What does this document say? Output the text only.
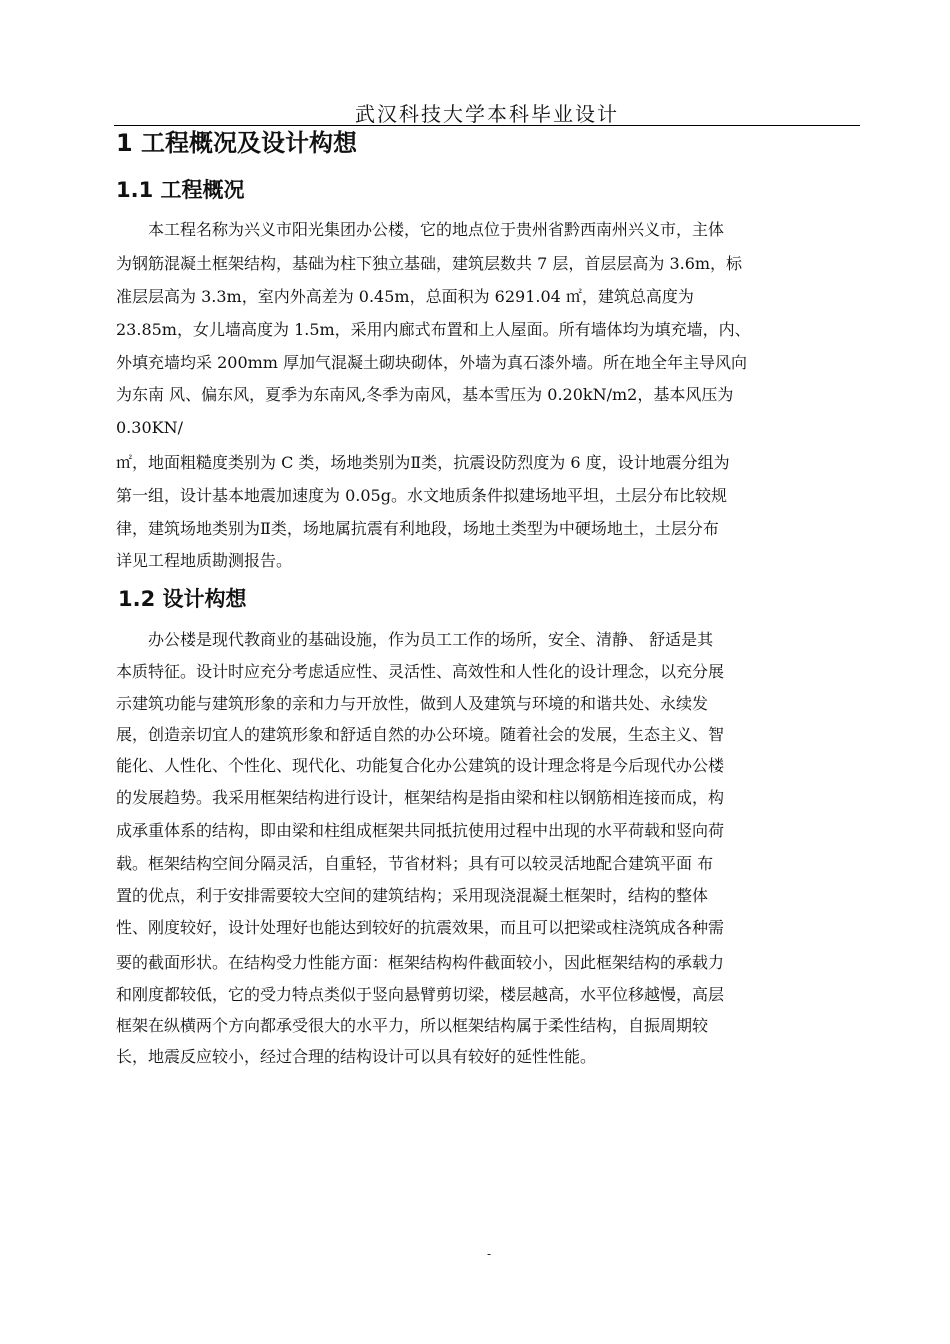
武汉科技大学本科毕业设计
1 工程概况及设计构想
1.1 工程概况
　　本工程名称为兴义市阳光集团办公楼，它的地点位于贵州省黔西南州兴义市，主体
为钢筋混凝土框架结构，基础为柱下独立基础，建筑层数共 7 层，首层层高为 3.6m，标
准层层高为 3.3m，室内外高差为 0.45m，总面积为 6291.04 ㎡，建筑总高度为
23.85m，女儿墙高度为 1.5m，采用内廊式布置和上人屋面。所有墙体均为填充墙，内、
外填充墙均采 200mm 厚加气混凝土砌块砌体，外墙为真石漆外墙。所在地全年主导风向
为东南 风、偏东风，夏季为东南风,冬季为南风，基本雪压为 0.20kN/m2，基本风压为
0.30KN/
㎡，地面粗糙度类别为 C 类，场地类别为Ⅱ类，抗震设防烈度为 6 度，设计地震分组为
第一组，设计基本地震加速度为 0.05g。水文地质条件拟建场地平坦，土层分布比较规
律，建筑场地类别为Ⅱ类，场地属抗震有利地段，场地土类型为中硬场地土，土层分布
详见工程地质勘测报告。
1.2 设计构想
　　办公楼是现代教商业的基础设施，作为员工工作的场所，安全、清静、 舒适是其
本质特征。设计时应充分考虑适应性、灵活性、高效性和人性化的设计理念，以充分展
示建筑功能与建筑形象的亲和力与开放性，做到人及建筑与环境的和谐共处、永续发
展，创造亲切宜人的建筑形象和舒适自然的办公环境。随着社会的发展，生态主义、智
能化、人性化、个性化、现代化、功能复合化办公建筑的设计理念将是今后现代办公楼
的发展趋势。我采用框架结构进行设计，框架结构是指由梁和柱以钢筋相连接而成，构
成承重体系的结构，即由梁和柱组成框架共同抵抗使用过程中出现的水平荷载和竖向荷
载。框架结构空间分隔灵活，自重轻，节省材料；具有可以较灵活地配合建筑平面 布
置的优点，利于安排需要较大空间的建筑结构；采用现浇混凝土框架时，结构的整体
性、刚度较好，设计处理好也能达到较好的抗震效果，而且可以把梁或柱浇筑成各种需
要的截面形状。在结构受力性能方面：框架结构构件截面较小，因此框架结构的承载力
和刚度都较低，它的受力特点类似于竖向悬臂剪切梁，楼层越高，水平位移越慢，高层
框架在纵横两个方向都承受很大的水平力，所以框架结构属于柔性结构，自振周期较
长，地震反应较小，经过合理的结构设计可以具有较好的延性性能。
-
